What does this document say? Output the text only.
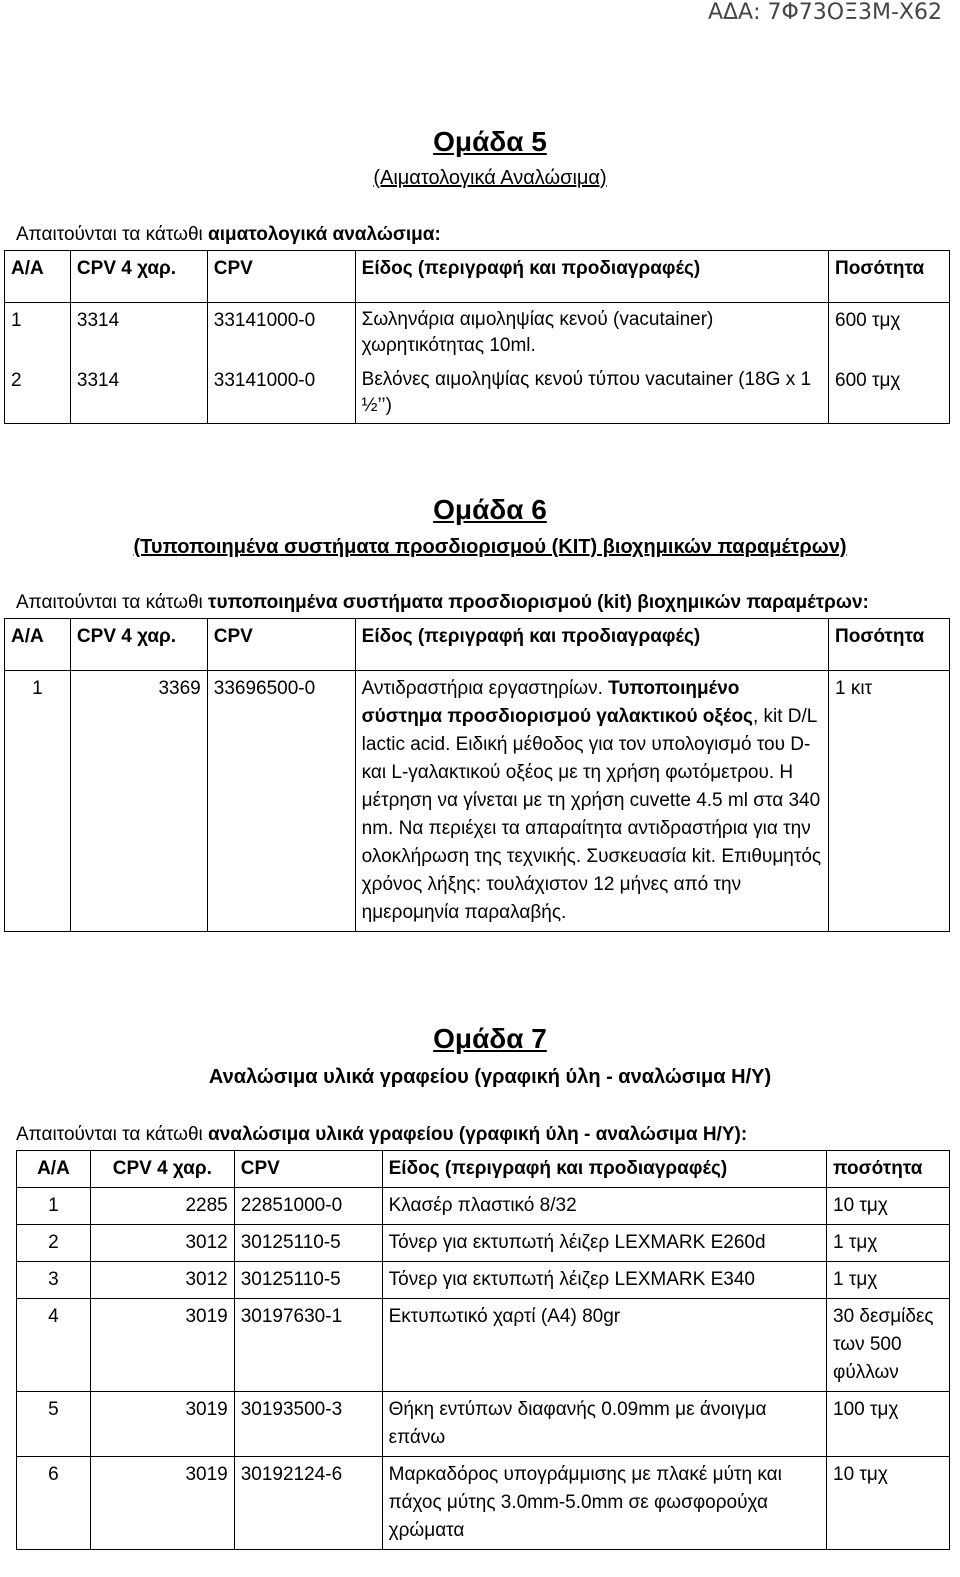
ΑΔΑ: 7Φ73ΟΞ3Μ-Χ62
Ομάδα 5
(Αιματολογικά Αναλώσιμα)
Απαιτούνται τα κάτωθι αιματολογικά αναλώσιμα:
Α/Α	CPV 4 χαρ.	CPV	Είδος (περιγραφή και προδιαγραφές)	Ποσότητα
1	3314	33141000-0	Σωληνάρια αιμοληψίας κενού (vacutainer) χωρητικότητας 10ml.	600 τμχ
2	3314	33141000-0	Βελόνες αιμοληψίας κενού τύπου vacutainer (18G x 1 ½’’)	600 τμχ
Ομάδα 6
(Τυποποιημένα συστήματα προσδιορισμού (ΚΙΤ) βιοχημικών παραμέτρων)
Απαιτούνται τα κάτωθι τυποποιημένα συστήματα προσδιορισμού (kit) βιοχημικών παραμέτρων:
Α/Α	CPV 4 χαρ.	CPV	Είδος (περιγραφή και προδιαγραφές)	Ποσότητα
1	3369	33696500-0	Αντιδραστήρια εργαστηρίων. Τυποποιημένο σύστημα προσδιορισμού γαλακτικού οξέος, kit D/L lactic acid. Ειδική μέθοδος για τον υπολογισμό του D- και L-γαλακτικού οξέος με τη χρήση φωτόμετρου. Η μέτρηση να γίνεται με τη χρήση cuvette 4.5 ml στα 340 nm. Να περιέχει τα απαραίτητα αντιδραστήρια για την ολοκλήρωση της τεχνικής. Συσκευασία kit. Επιθυμητός χρόνος λήξης: τουλάχιστον 12 μήνες από την ημερομηνία παραλαβής.	1 κιτ
Ομάδα 7
Αναλώσιμα υλικά γραφείου (γραφική ύλη - αναλώσιμα Η/Υ)
Απαιτούνται τα κάτωθι αναλώσιμα υλικά γραφείου (γραφική ύλη - αναλώσιμα Η/Υ):
Α/Α	CPV 4 χαρ.	CPV	Είδος (περιγραφή και προδιαγραφές)	ποσότητα
1	2285	22851000-0	Κλασέρ πλαστικό 8/32	10 τμχ
2	3012	30125110-5	Τόνερ για εκτυπωτή λέιζερ LEXMARK E260d	1 τμχ
3	3012	30125110-5	Τόνερ για εκτυπωτή λέιζερ LEXMARK E340	1 τμχ
4	3019	30197630-1	Εκτυπωτικό χαρτί (Α4) 80gr	30 δεσμίδες των 500 φύλλων
5	3019	30193500-3	Θήκη εντύπων διαφανής 0.09mm με άνοιγμα επάνω	100 τμχ
6	3019	30192124-6	Μαρκαδόρος υπογράμμισης με πλακέ μύτη και πάχος μύτης 3.0mm-5.0mm σε φωσφορούχα χρώματα	10 τμχ
